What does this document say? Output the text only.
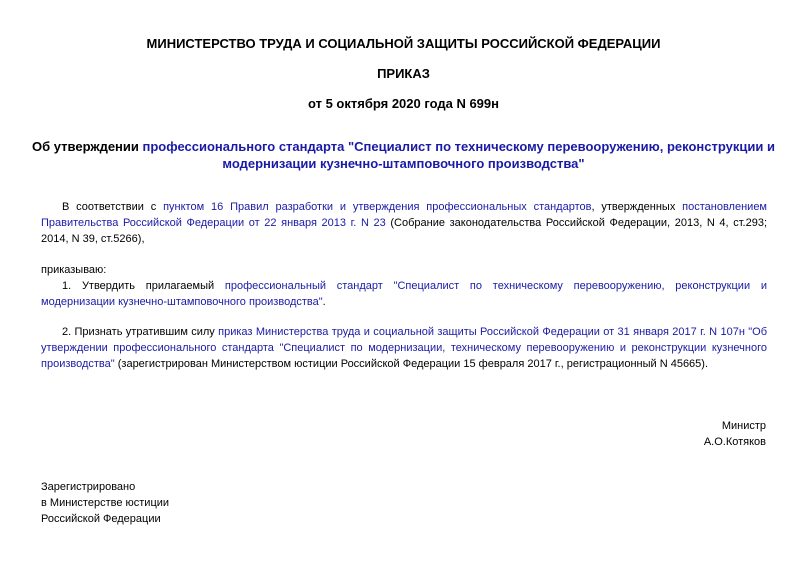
МИНИСТЕРСТВО ТРУДА И СОЦИАЛЬНОЙ ЗАЩИТЫ РОССИЙСКОЙ ФЕДЕРАЦИИ
ПРИКАЗ
от 5 октября 2020 года N 699н
Об утверждении профессионального стандарта "Специалист по техническому перевооружению, реконструкции и модернизации кузнечно-штамповочного производства"
В соответствии с пунктом 16 Правил разработки и утверждения профессиональных стандартов, утвержденных постановлением Правительства Российской Федерации от 22 января 2013 г. N 23 (Собрание законодательства Российской Федерации, 2013, N 4, ст.293; 2014, N 39, ст.5266),
приказываю:
1. Утвердить прилагаемый профессиональный стандарт "Специалист по техническому перевооружению, реконструкции и модернизации кузнечно-штамповочного производства".
2. Признать утратившим силу приказ Министерства труда и социальной защиты Российской Федерации от 31 января 2017 г. N 107н "Об утверждении профессионального стандарта "Специалист по модернизации, техническому перевооружению и реконструкции кузнечного производства" (зарегистрирован Министерством юстиции Российской Федерации 15 февраля 2017 г., регистрационный N 45665).
Министр
А.О.Котяков
Зарегистрировано
в Министерстве юстиции
Российской Федерации
